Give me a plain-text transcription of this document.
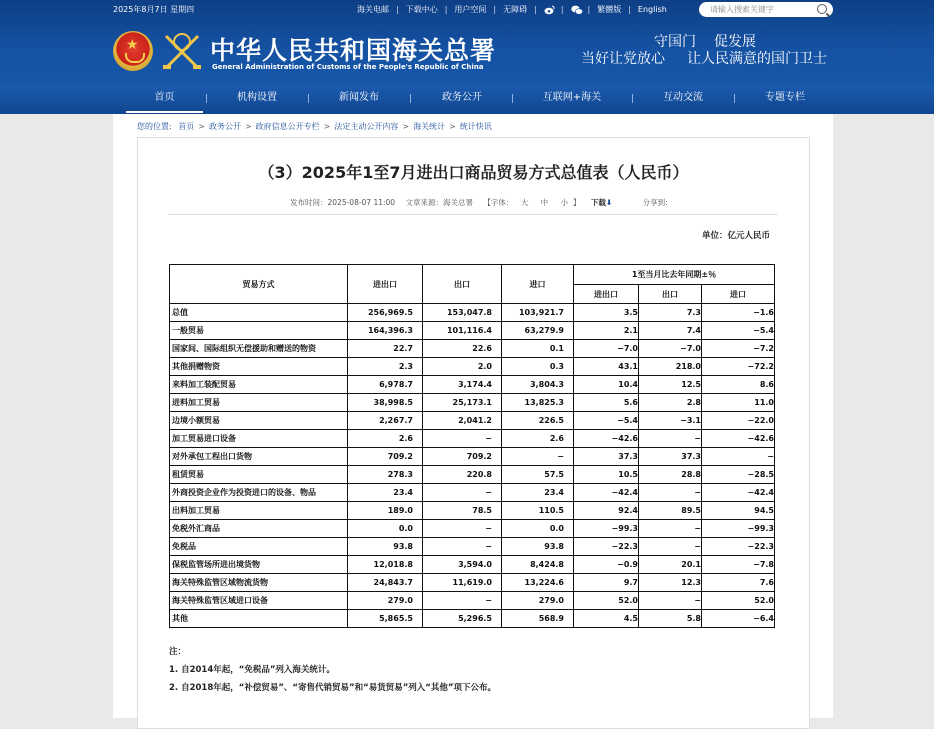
2025年8月7日 星期四	海关电邮 | 下载中心 | 用户空间 | 无障碍 |	|	| 繁體版 | English	请输入搜索关键字
★
中华人民共和国海关总署
General Administration of Customs of the People's Republic of China
守国门 促发展
当好让党放心 让人民满意的国门卫士
首页	机构设置	新闻发布	政务公开	互联网+海关	互动交流	专题专栏
您的位置: 首页 > 政务公开 > 政府信息公开专栏 > 法定主动公开内容 > 海关统计 > 统计快讯
（3）2025年1至7月进出口商品贸易方式总值表（人民币）
发布时间：2025-08-07 11:00 文章来源：海关总署 【字体： 大 中 小 】 下载⬇	分享到:
单位：亿元人民币
贸易方式	进出口	出口	进口	1至当月比去年同期±％		
				进出口	出口	进口
总值	256,969.5	153,047.8	103,921.7	3.5	7.3	−1.6
一般贸易	164,396.3	101,116.4	63,279.9	2.1	7.4	−5.4
国家间、国际组织无偿援助和赠送的物资	22.7	22.6	0.1	−7.0	−7.0	−7.2
其他捐赠物资	2.3	2.0	0.3	43.1	218.0	−72.2
来料加工装配贸易	6,978.7	3,174.4	3,804.3	10.4	12.5	8.6
进料加工贸易	38,998.5	25,173.1	13,825.3	5.6	2.8	11.0
边境小额贸易	2,267.7	2,041.2	226.5	−5.4	−3.1	−22.0
加工贸易进口设备	2.6	−	2.6	−42.6	−	−42.6
对外承包工程出口货物	709.2	709.2	−	37.3	37.3	−
租赁贸易	278.3	220.8	57.5	10.5	28.8	−28.5
外商投资企业作为投资进口的设备、物品	23.4	−	23.4	−42.4	−	−42.4
出料加工贸易	189.0	78.5	110.5	92.4	89.5	94.5
免税外汇商品	0.0	−	0.0	−99.3	−	−99.3
免税品	93.8	−	93.8	−22.3	−	−22.3
保税监管场所进出境货物	12,018.8	3,594.0	8,424.8	−0.9	20.1	−7.8
海关特殊监管区域物流货物	24,843.7	11,619.0	13,224.6	9.7	12.3	7.6
海关特殊监管区域进口设备	279.0	−	279.0	52.0	−	52.0
其他	5,865.5	5,296.5	568.9	4.5	5.8	−6.4
注：
1. 自2014年起，“免税品”列入海关统计。
2. 自2018年起，“补偿贸易”、“寄售代销贸易”和“易货贸易”列入“其他”项下公布。
